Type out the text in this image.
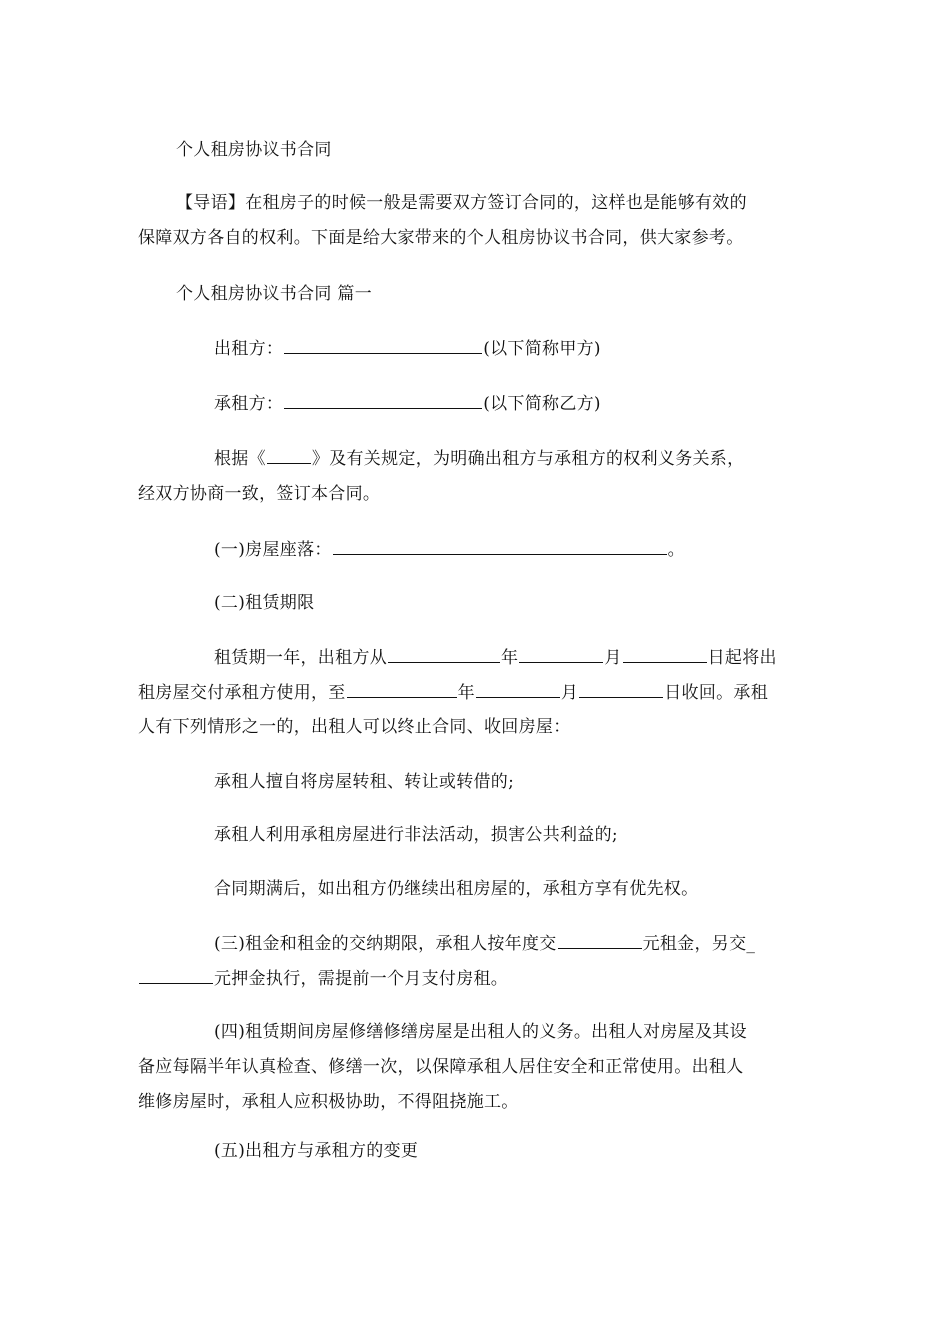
个人租房协议书合同
【导语】在租房子的时候一般是需要双方签订合同的，这样也是能够有效的
保障双方各自的权利。下面是给大家带来的个人租房协议书合同，供大家参考。
个人租房协议书合同 篇一
出租方：	(以下简称甲方)
承租方：	(以下简称乙方)
根据《	》及有关规定，为明确出租方与承租方的权利义务关系，
经双方协商一致，签订本合同。
(一)房屋座落：	。
(二)租赁期限
租赁期一年，出租方从	年	月	日起将出
租房屋交付承租方使用，至	年	月	日收回。承租
人有下列情形之一的，出租人可以终止合同、收回房屋：
承租人擅自将房屋转租、转让或转借的;
承租人利用承租房屋进行非法活动，损害公共利益的;
合同期满后，如出租方仍继续出租房屋的，承租方享有优先权。
(三)租金和租金的交纳期限，承租人按年度交	元租金，另交_
元押金执行，需提前一个月支付房租。
(四)租赁期间房屋修缮修缮房屋是出租人的义务。出租人对房屋及其设
备应每隔半年认真检查、修缮一次，以保障承租人居住安全和正常使用。出租人
维修房屋时，承租人应积极协助，不得阻挠施工。
(五)出租方与承租方的变更
